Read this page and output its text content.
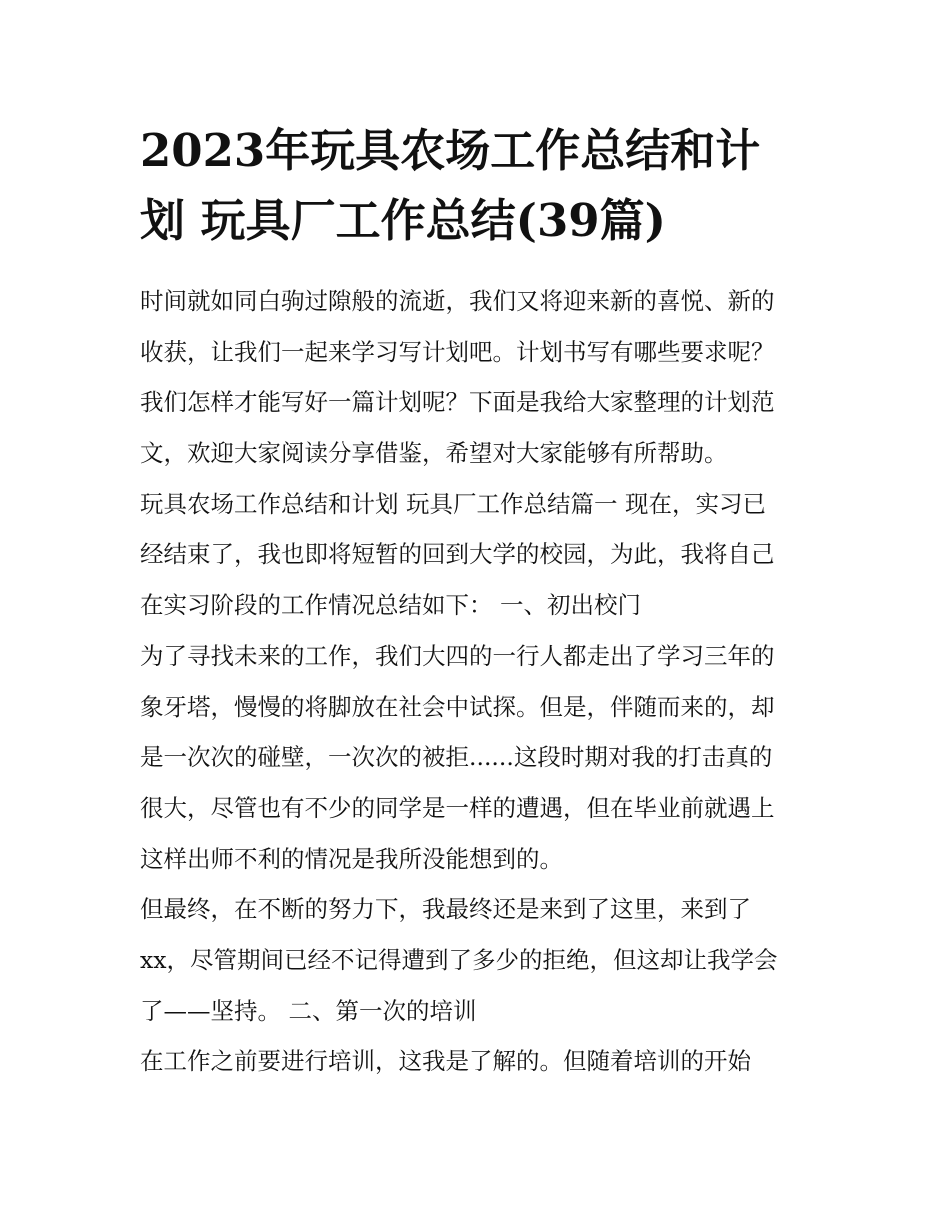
2023年玩具农场工作总结和计
划 玩具厂工作总结(39篇)
时间就如同白驹过隙般的流逝，我们又将迎来新的喜悦、新的
收获，让我们一起来学习写计划吧。计划书写有哪些要求呢？
我们怎样才能写好一篇计划呢？下面是我给大家整理的计划范
文，欢迎大家阅读分享借鉴，希望对大家能够有所帮助。
玩具农场工作总结和计划 玩具厂工作总结篇一 现在，实习已
经结束了，我也即将短暂的回到大学的校园，为此，我将自己
在实习阶段的工作情况总结如下： 一、初出校门
为了寻找未来的工作，我们大四的一行人都走出了学习三年的
象牙塔，慢慢的将脚放在社会中试探。但是，伴随而来的，却
是一次次的碰壁，一次次的被拒......这段时期对我的打击真的
很大，尽管也有不少的同学是一样的遭遇，但在毕业前就遇上
这样出师不利的情况是我所没能想到的。
但最终，在不断的努力下，我最终还是来到了这里，来到了
xx，尽管期间已经不记得遭到了多少的拒绝，但这却让我学会
了——坚持。 二、第一次的培训
在工作之前要进行培训，这我是了解的。但随着培训的开始
